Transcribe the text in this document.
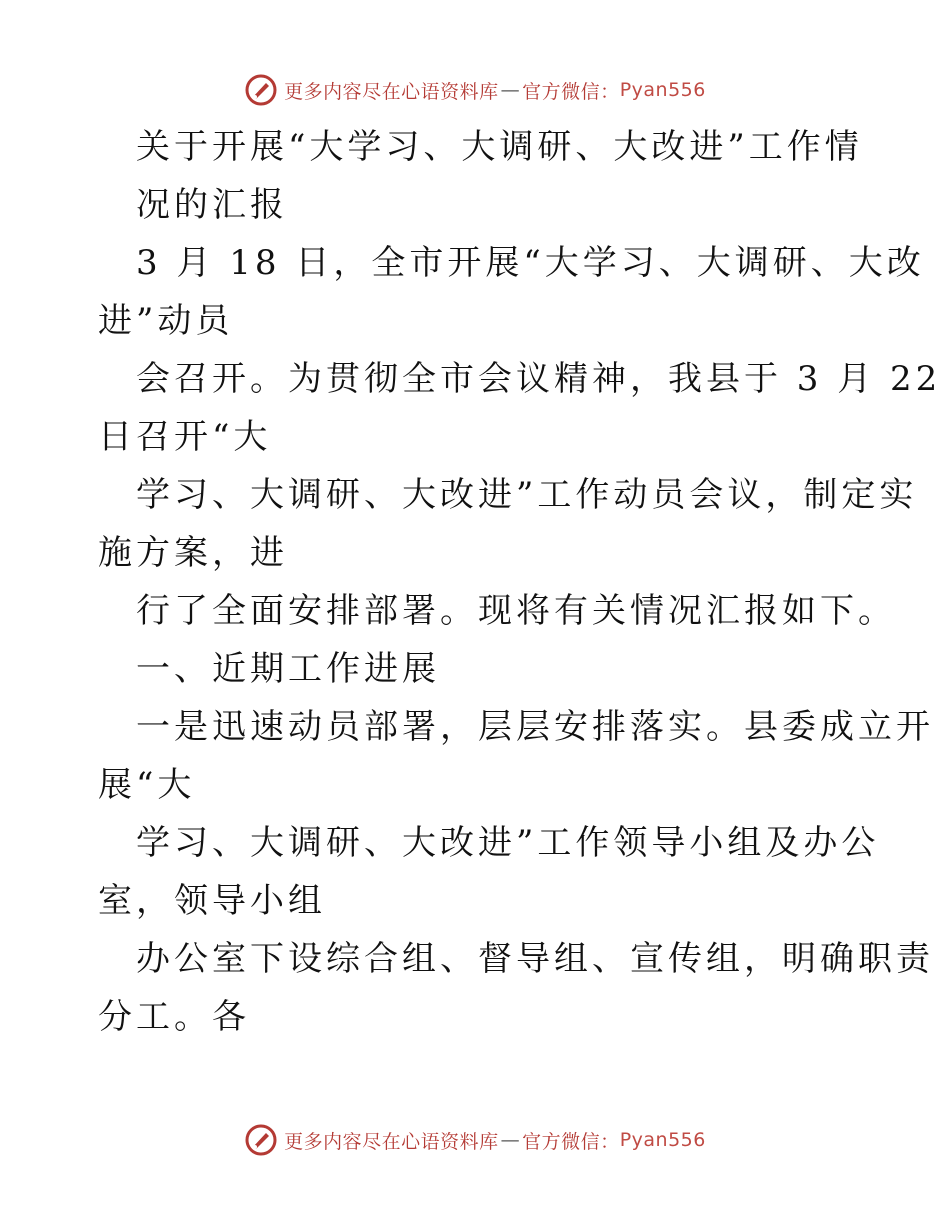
更多内容尽在心语资料库 — 官方微信： Pyan556
关于开展“大学习、大调研、大改进”工作情
况的汇报
3 月 18 日，全市开展“大学习、大调研、大改
进”动员
会召开。为贯彻全市会议精神，我县于 3 月 22
日召开“大
学习、大调研、大改进”工作动员会议，制定实
施方案，进
行了全面安排部署。现将有关情况汇报如下。
一、近期工作进展
一是迅速动员部署，层层安排落实。县委成立开
展“大
学习、大调研、大改进”工作领导小组及办公
室，领导小组
办公室下设综合组、督导组、宣传组，明确职责
分工。各
更多内容尽在心语资料库 — 官方微信： Pyan556
